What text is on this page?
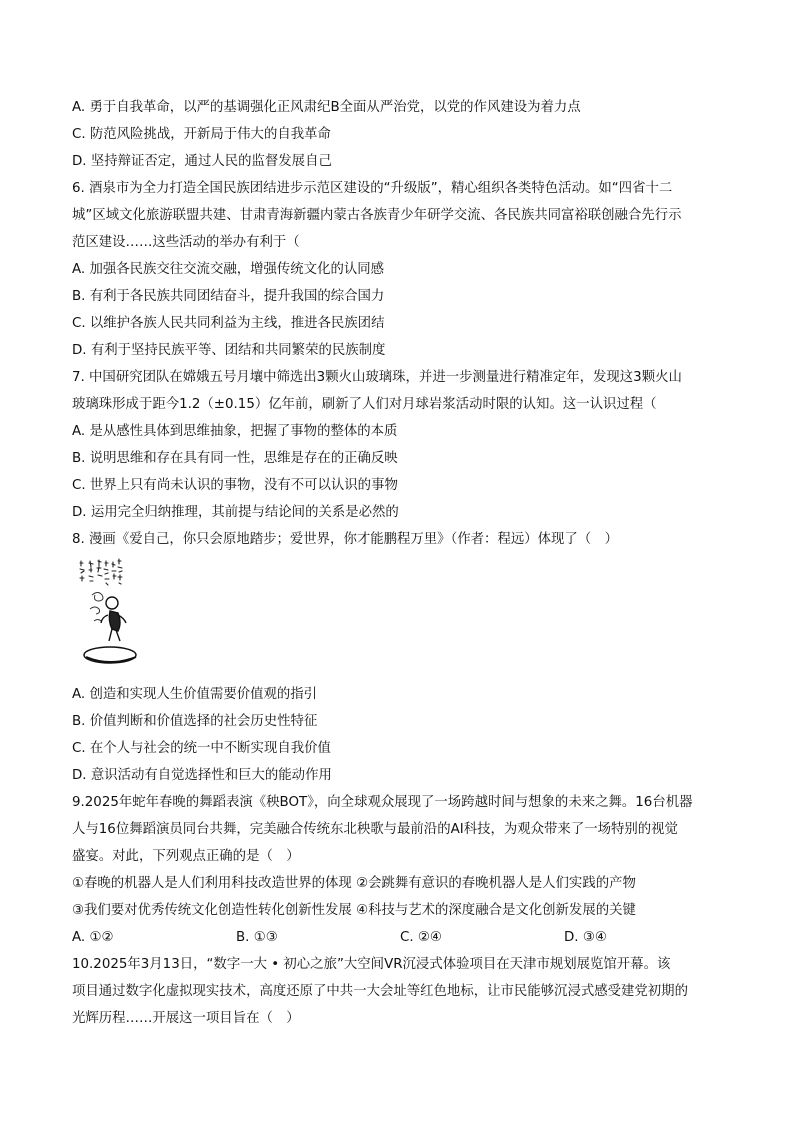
A. 勇于自我革命，以严的基调强化正风肃纪B全面从严治党，以党的作风建设为着力点
C. 防范风险挑战，开新局于伟大的自我革命
D. 坚持辩证否定，通过人民的监督发展自己
6. 酒泉市为全力打造全国民族团结进步示范区建设的“升级版”，精心组织各类特色活动。如“四省十二
城”区域文化旅游联盟共建、甘肃青海新疆内蒙古各族青少年研学交流、各民族共同富裕联创融合先行示
范区建设……这些活动的举办有利于（
A. 加强各民族交往交流交融，增强传统文化的认同感
B. 有利于各民族共同团结奋斗，提升我国的综合国力
C. 以维护各族人民共同利益为主线，推进各民族团结
D. 有利于坚持民族平等、团结和共同繁荣的民族制度
7. 中国研究团队在嫦娥五号月壤中筛选出3颗火山玻璃珠，并进一步测量进行精准定年，发现这3颗火山
玻璃珠形成于距今1.2（±0.15）亿年前，刷新了人们对月球岩浆活动时限的认知。这一认识过程（
A. 是从感性具体到思维抽象，把握了事物的整体的本质
B. 说明思维和存在具有同一性，思维是存在的正确反映
C. 世界上只有尚未认识的事物，没有不可以认识的事物
D. 运用完全归纳推理，其前提与结论间的关系是必然的
8. 漫画《爱自己，你只会原地踏步；爱世界，你才能鹏程万里》（作者：程远）体现了（　）
A. 创造和实现人生价值需要价值观的指引
B. 价值判断和价值选择的社会历史性特征
C. 在个人与社会的统一中不断实现自我价值
D. 意识活动有自觉选择性和巨大的能动作用
9.2025年蛇年春晚的舞蹈表演《秧BOT》，向全球观众展现了一场跨越时间与想象的未来之舞。16台机器
人与16位舞蹈演员同台共舞，完美融合传统东北秧歌与最前沿的AI科技，为观众带来了一场特别的视觉
盛宴。对此，下列观点正确的是（　）
①春晚的机器人是人们利用科技改造世界的体现 ②会跳舞有意识的春晚机器人是人们实践的产物
③我们要对优秀传统文化创造性转化创新性发展 ④科技与艺术的深度融合是文化创新发展的关键
A. ①②	B. ①③	C. ②④	D. ③④
10.2025年3月13日，“数字一大 • 初心之旅”大空间VR沉浸式体验项目在天津市规划展览馆开幕。该
项目通过数字化虚拟现实技术，高度还原了中共一大会址等红色地标，让市民能够沉浸式感受建党初期的
光辉历程……开展这一项目旨在（　）
